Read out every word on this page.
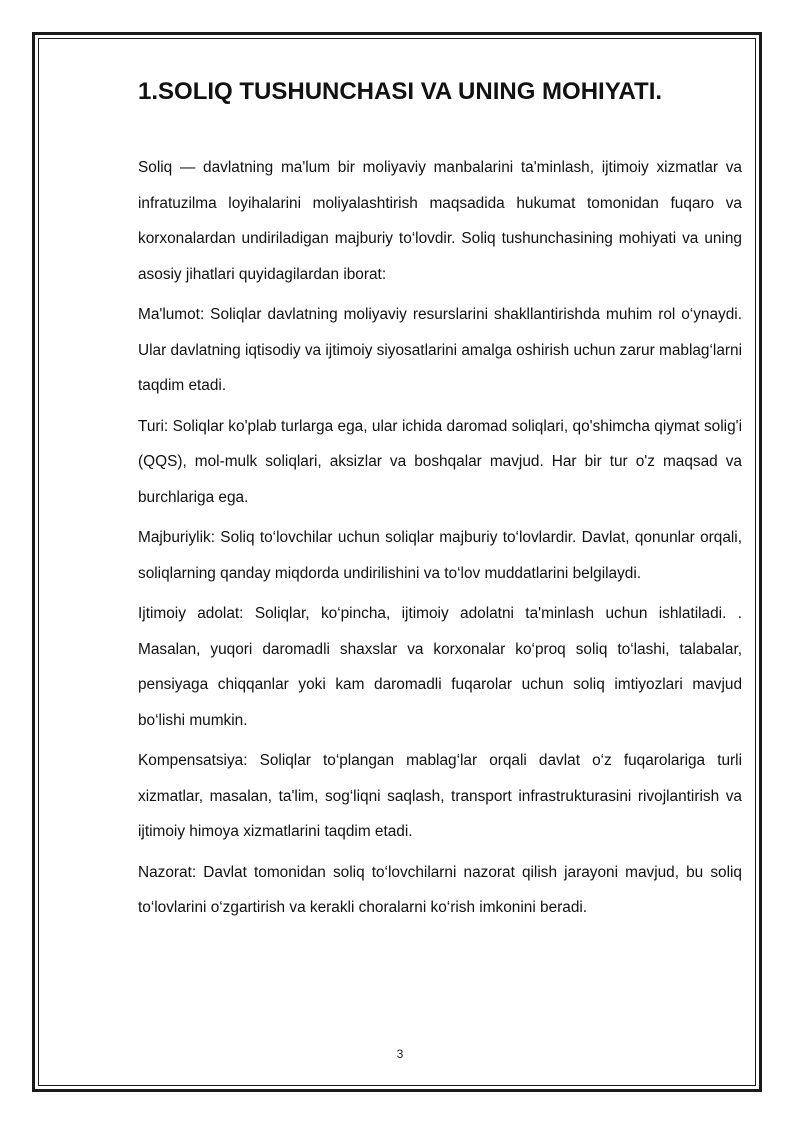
1.SOLIQ TUSHUNCHASI VA UNING MOHIYATI.

Soliq — davlatning ma'lum bir moliyaviy manbalarini ta'minlash, ijtimoiy xizmatlar va infratuzilma loyihalarini moliyalashtirish maqsadida hukumat tomonidan fuqaro va korxonalardan undiriladigan majburiy to‘lovdir. Soliq tushunchasining mohiyati va uning asosiy jihatlari quyidagilardan iborat:

Ma'lumot: Soliqlar davlatning moliyaviy resurslarini shakllantirishda muhim rol o‘ynaydi. Ular davlatning iqtisodiy va ijtimoiy siyosatlarini amalga oshirish uchun zarur mablag‘larni taqdim etadi.

Turi: Soliqlar ko'plab turlarga ega, ular ichida daromad soliqlari, qo'shimcha qiymat solig'i (QQS), mol-mulk soliqlari, aksizlar va boshqalar mavjud. Har bir tur o'z maqsad va burchlariga ega.

Majburiylik: Soliq to‘lovchilar uchun soliqlar majburiy to‘lovlardir. Davlat, qonunlar orqali, soliqlarning qanday miqdorda undirilishini va to‘lov muddatlarini belgilaydi.

Ijtimoiy adolat: Soliqlar, ko‘pincha, ijtimoiy adolatni ta'minlash uchun ishlatiladi. . Masalan, yuqori daromadli shaxslar va korxonalar ko‘proq soliq to‘lashi, talabalar, pensiyaga chiqqanlar yoki kam daromadli fuqarolar uchun soliq imtiyozlari mavjud bo‘lishi mumkin.

Kompensatsiya: Soliqlar to‘plangan mablag‘lar orqali davlat o‘z fuqarolariga turli xizmatlar, masalan, ta'lim, sog‘liqni saqlash, transport infrastrukturasini rivojlantirish va ijtimoiy himoya xizmatlarini taqdim etadi.

Nazorat: Davlat tomonidan soliq to‘lovchilarni nazorat qilish jarayoni mavjud, bu soliq to‘lovlarini o‘zgartirish va kerakli choralarni ko‘rish imkonini beradi.

3
